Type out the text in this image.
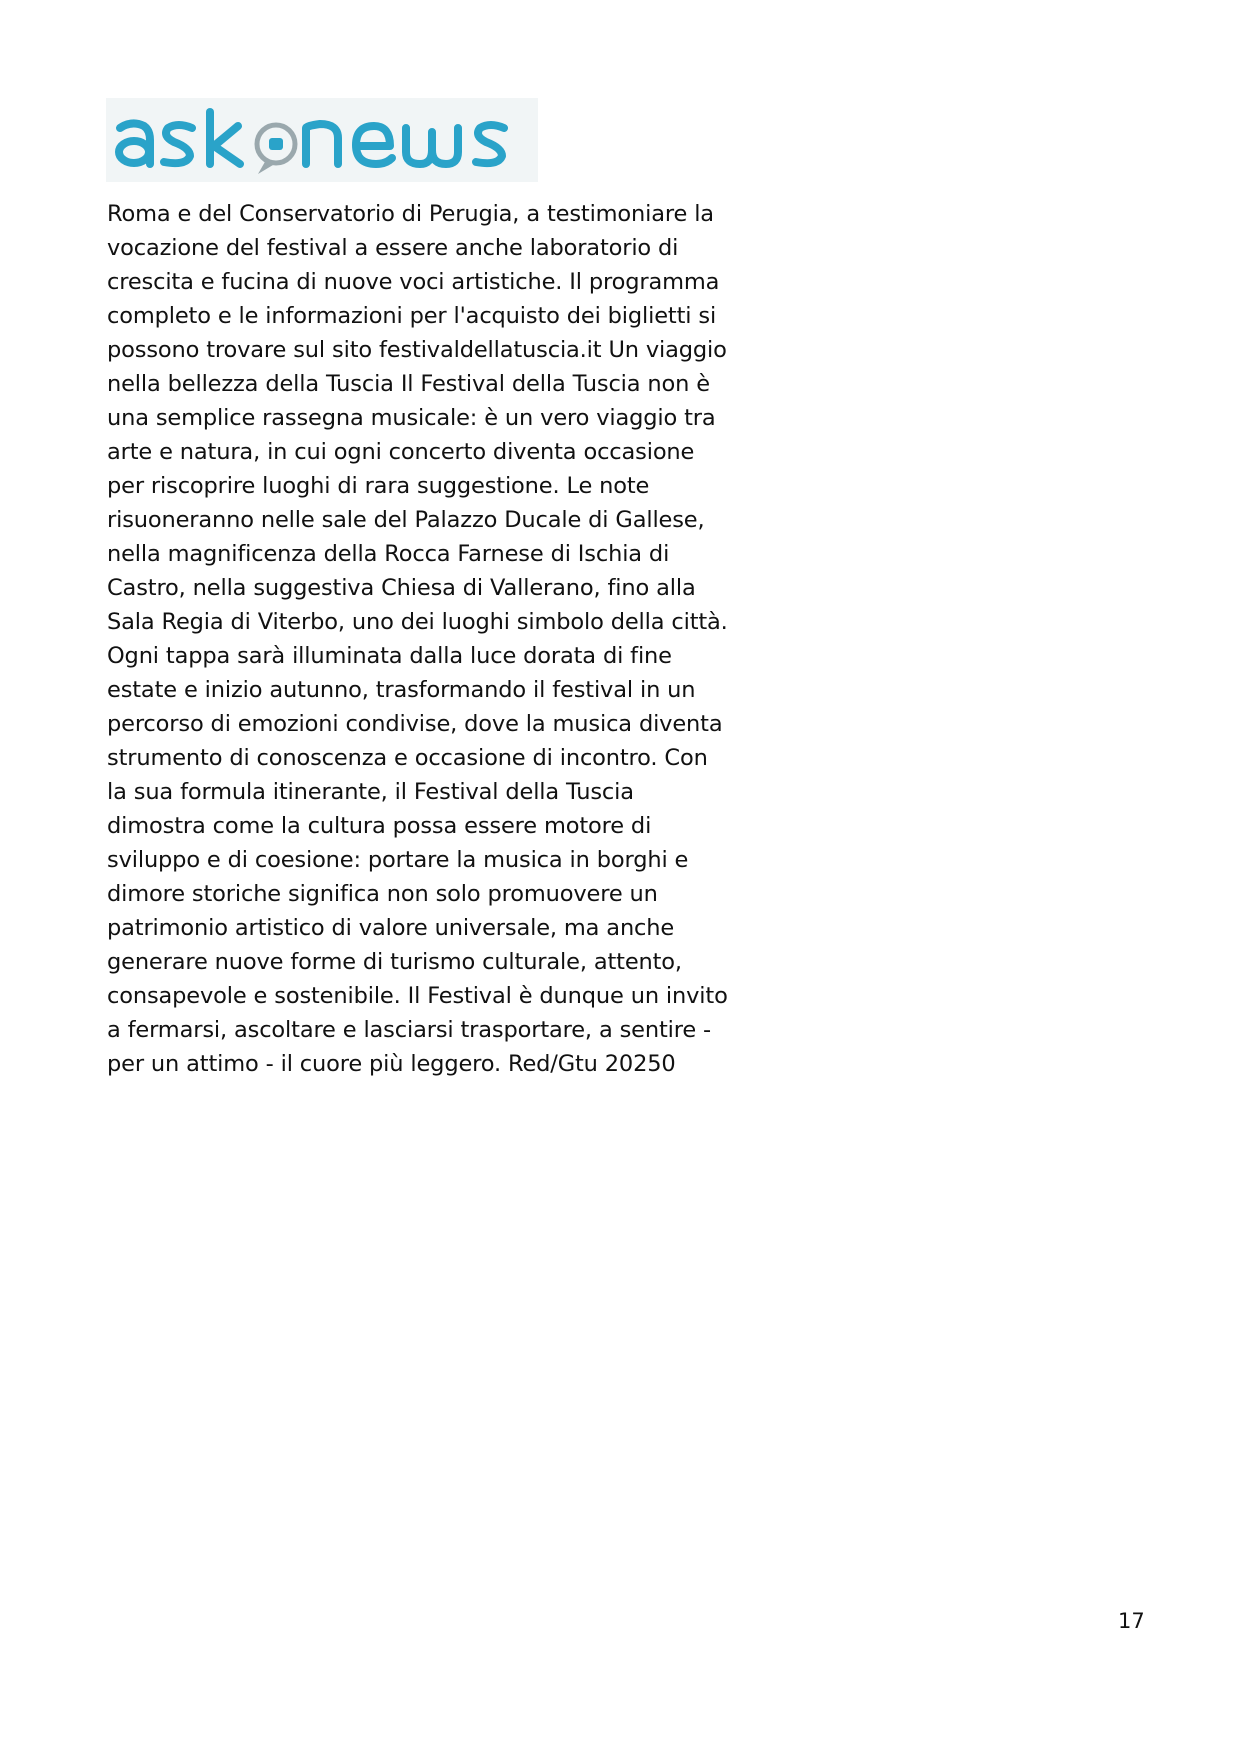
Roma e del Conservatorio di Perugia, a testimoniare la
vocazione del festival a essere anche laboratorio di
crescita e fucina di nuove voci artistiche. Il programma
completo e le informazioni per l'acquisto dei biglietti si
possono trovare sul sito festivaldellatuscia.it Un viaggio
nella bellezza della Tuscia Il Festival della Tuscia non è
una semplice rassegna musicale: è un vero viaggio tra
arte e natura, in cui ogni concerto diventa occasione
per riscoprire luoghi di rara suggestione. Le note
risuoneranno nelle sale del Palazzo Ducale di Gallese,
nella magnificenza della Rocca Farnese di Ischia di
Castro, nella suggestiva Chiesa di Vallerano, fino alla
Sala Regia di Viterbo, uno dei luoghi simbolo della città.
Ogni tappa sarà illuminata dalla luce dorata di fine
estate e inizio autunno, trasformando il festival in un
percorso di emozioni condivise, dove la musica diventa
strumento di conoscenza e occasione di incontro. Con
la sua formula itinerante, il Festival della Tuscia
dimostra come la cultura possa essere motore di
sviluppo e di coesione: portare la musica in borghi e
dimore storiche significa non solo promuovere un
patrimonio artistico di valore universale, ma anche
generare nuove forme di turismo culturale, attento,
consapevole e sostenibile. Il Festival è dunque un invito
a fermarsi, ascoltare e lasciarsi trasportare, a sentire -
per un attimo - il cuore più leggero. Red/Gtu 20250
17
